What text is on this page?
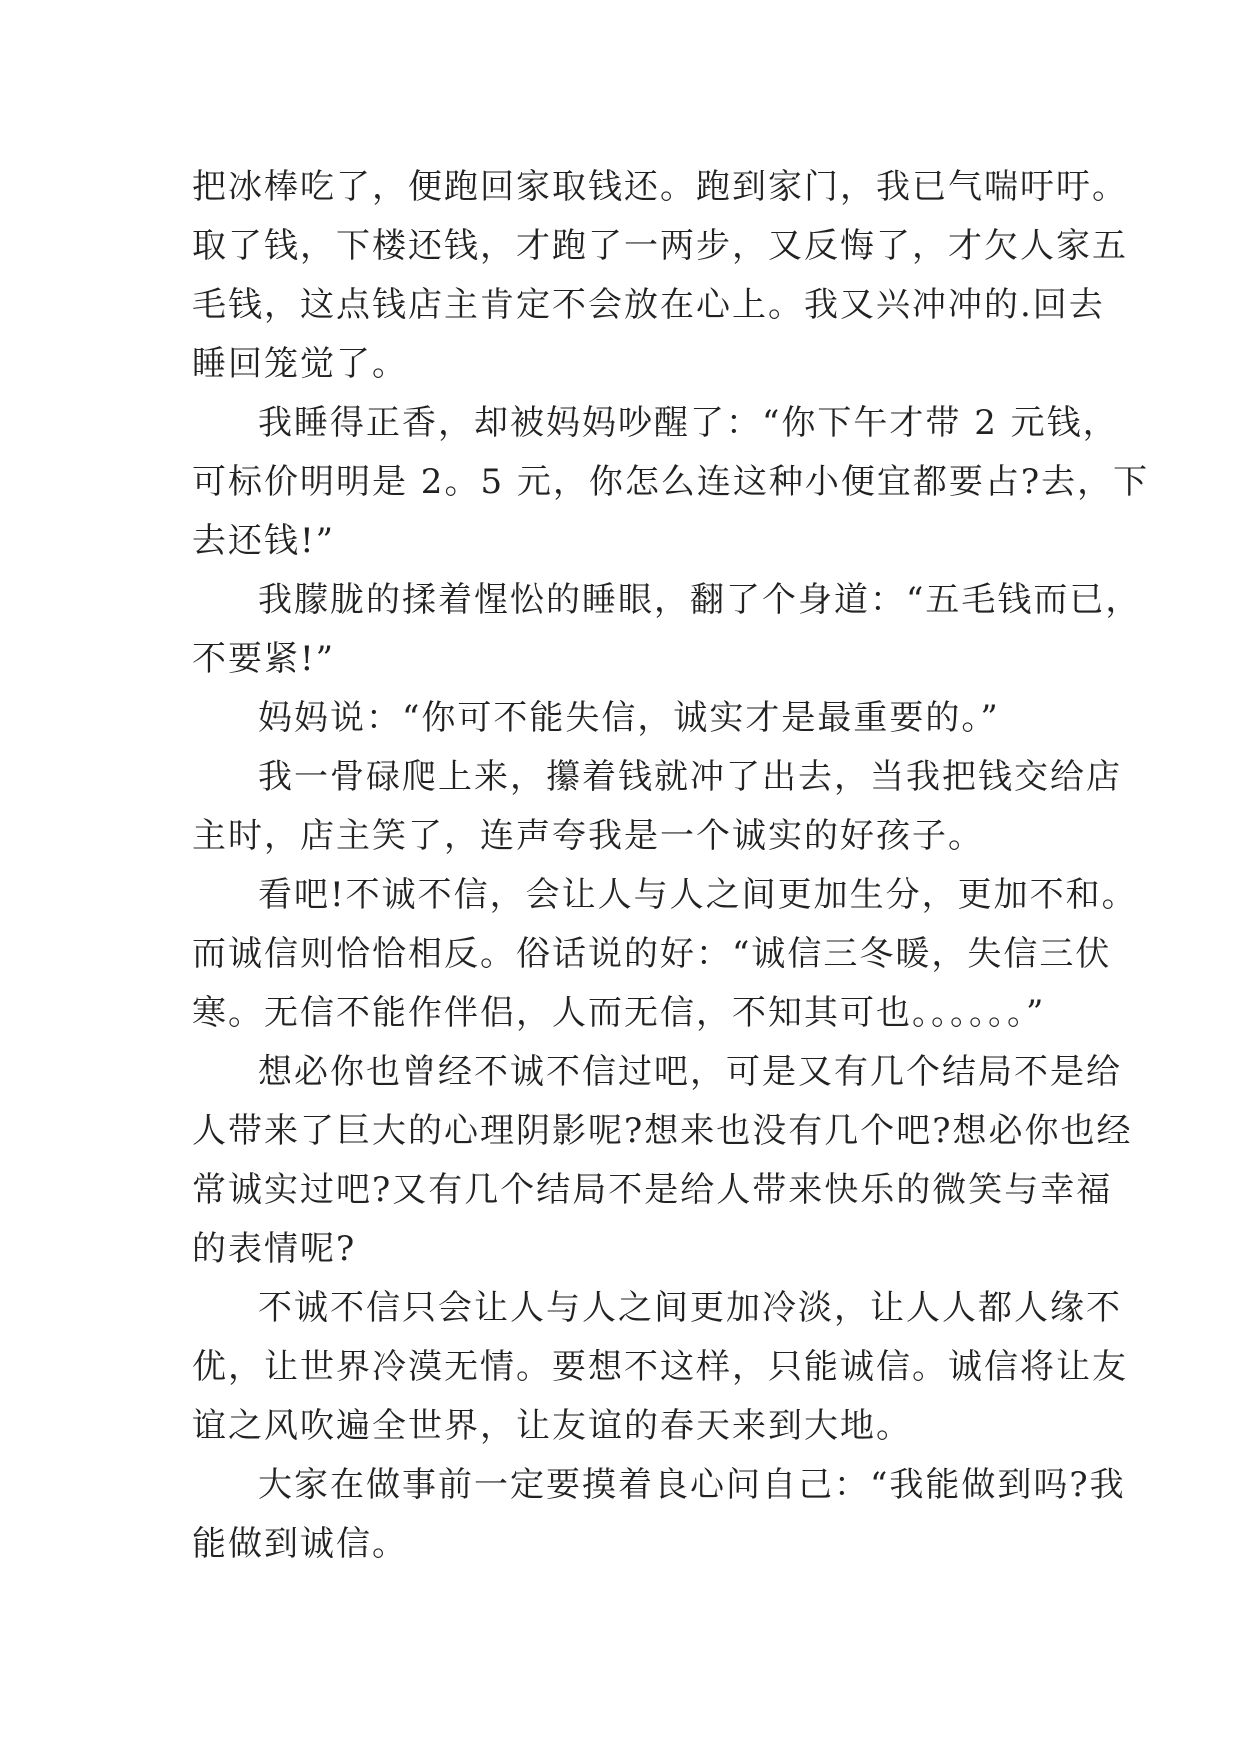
把冰棒吃了，便跑回家取钱还。跑到家门，我已气喘吁吁。
取了钱，下楼还钱，才跑了一两步，又反悔了，才欠人家五
毛钱，这点钱店主肯定不会放在心上。我又兴冲冲的.回去
睡回笼觉了。
我睡得正香，却被妈妈吵醒了：“你下午才带 2 元钱，
可标价明明是 2。5 元，你怎么连这种小便宜都要占?去，下
去还钱!”
我朦胧的揉着惺忪的睡眼，翻了个身道：“五毛钱而已，
不要紧!”
妈妈说：“你可不能失信，诚实才是最重要的。”
我一骨碌爬上来，攥着钱就冲了出去，当我把钱交给店
主时，店主笑了，连声夸我是一个诚实的好孩子。
看吧!不诚不信，会让人与人之间更加生分，更加不和。
而诚信则恰恰相反。俗话说的好：“诚信三冬暖，失信三伏
寒。无信不能作伴侣，人而无信，不知其可也。。。。。。”
想必你也曾经不诚不信过吧，可是又有几个结局不是给
人带来了巨大的心理阴影呢?想来也没有几个吧?想必你也经
常诚实过吧?又有几个结局不是给人带来快乐的微笑与幸福
的表情呢?
不诚不信只会让人与人之间更加冷淡，让人人都人缘不
优，让世界冷漠无情。要想不这样，只能诚信。诚信将让友
谊之风吹遍全世界，让友谊的春天来到大地。
大家在做事前一定要摸着良心问自己：“我能做到吗?我
能做到诚信。
